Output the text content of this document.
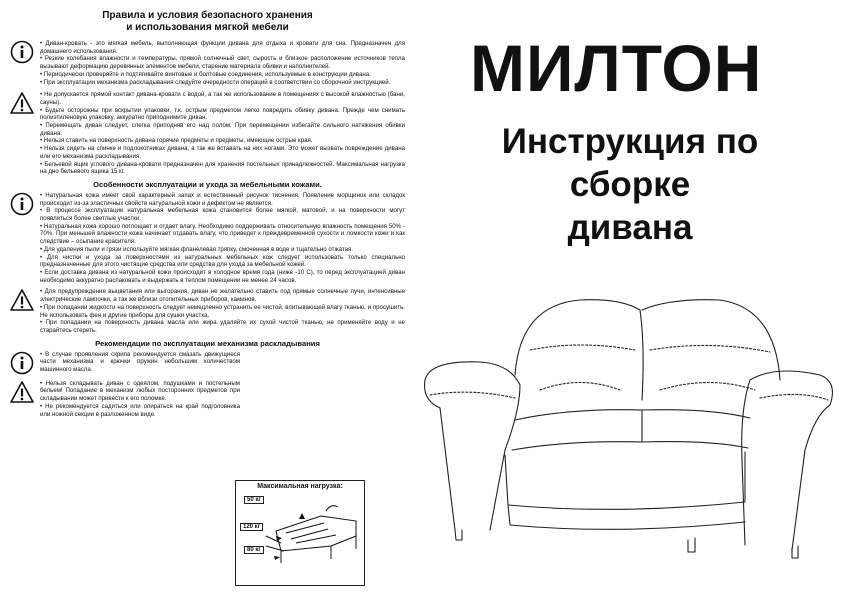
Правила и условия безопасного хранения
и использования мягкой мебели

• Диван-кровать - это мягкая мебель, выполняющая функции дивана для отдыха и кровати для сна. Предназначен для домашнего использования.

• Резкие колебания влажности и температуры, прямой солнечный свет, сырость и близкое расположение источников тепла вызывают деформацию деревянных элементов мебели, старение материала обивки и наполнителей.

• Периодически проверяйте и подтягивайте винтовые и болтовые соединения, используемые в конструкции дивана.

• При эксплуатации механизма раскладывания следуйте очередности операций в соответствии со сборочной инструкцией.

• Не допускается прямой контакт дивана-кровати с водой, а так же использование в помещениях с высокой влажностью (бани, сауны).

• Будьте осторожны при вскрытии упаковки, т.к. острым предметом легко повредить обивку дивана. Прежде чем снимать полиэтиленовую упаковку, аккуратно приподнимите диван.

• Перемещать диван следует, слегка приподняв его над полом. При перемещении избегайте сильного натяжения обивки дивана.

• Нельзя ставить на поверхность дивана горячие предметы и предметы, имеющие острые края.

• Нельзя сидеть на спинке и подлокотниках дивана, а так же вставать на них ногами. Это может вызвать повреждение дивана или его механизма раскладывания.

• Бельевой ящик углового дивана-кровати предназначен для хранения постельных принадлежностей. Максимальная нагрузка на дно бельевого ящика 15 кг.

Особенности эксплуатации и ухода за мебельными кожами.

• Натуральная кожа имеет свой характерный запах и естественный рисунок тиснения. Появление морщинок или складок происходит из-за эластичных свойств натуральной кожи и дефектом не является.

• В процессе эксплуатации натуральная мебельная кожа становится более мягкой, матовой, и на поверхности могут появляться более светлые участки.

• Натуральная кожа хорошо поглощает и отдает влагу. Необходимо поддерживать относительную влажность помещения 50% - 70%. При меньшей влажности кожа начинает отдавать влагу, что приведет к преждевременной сухости и ломкости кожи и как следствие – осыпание красителя.

• Для удаления пыли и грязи используйте мягкая фланелевая тряпку, смоченная в воде и тщательно отжатая.

• Для чистки и ухода за поверхностями из натуральных мебельных кож следует использовать только специально предназначенные для этого чистящие средства или средства для ухода за мебельной кожей.

• Если доставка дивана из натуральной кожи происходит в холодное время года (ниже -10 С), то перед эксплуатацией диван необходимо аккуратно распаковать и выдержать в теплом помещении не менее 24 часов.

• Для предупреждения выцветания или выгорания, диван не желательно ставить под прямые солнечные лучи, интенсивные электрические лампочки, а так же вблизи отопительных приборов, каминов.

• При попадании жидкости на поверхность следует немедленно устранить ее чистой, впитывающей влагу тканью, и просушить. Не использовать фен и другие приборы для сушки участка.

• При попадании на поверхность дивана масла или жира удаляйте их сухой чистой тканью, не применяйте воду и не старайтесь стереть.

Рекомендации по эксплуатации механизма раскладывания

• В случае проявления скрипа рекомендуется смазать движущиеся части механизма и крючки пружин небольшим количеством машинного масла.

• Нельзя складывать диван с одеялом, подушками и постельным бельем! Попадание в механизм любых посторонних предметов при складывании может привести к его поломке.

• Не рекомендуется садиться или опираться на край подголовника или ножной секции в разложенном виде.

Максимальная нагрузка:
50 кг
120 кг
80 кг
МИЛТОН
Инструкция по
сборке
дивана
